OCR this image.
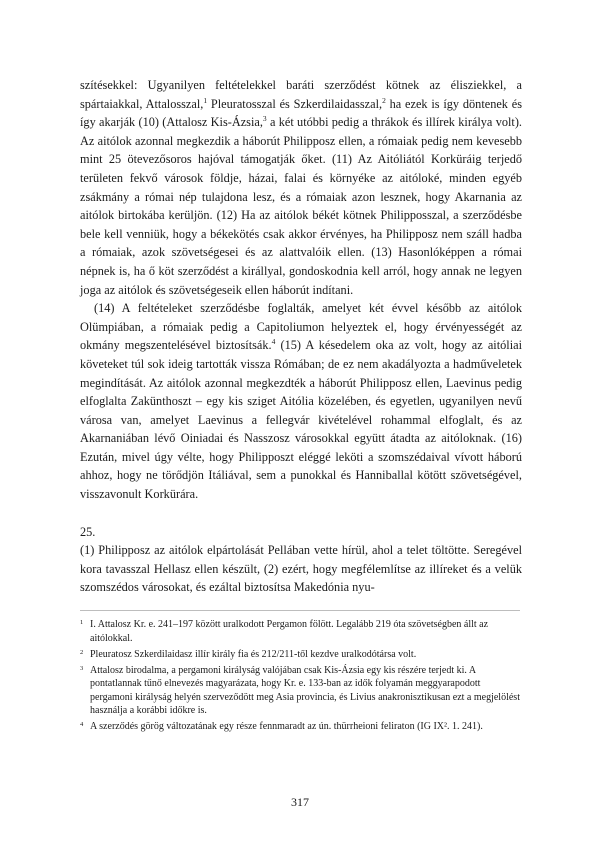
szítésekkel: Ugyanilyen feltételekkel baráti szerződést kötnek az élisziekkel, a spártaiakkal, Attalosszal,$^1$ Pleuratosszal és Szkerdilaidasszal,$^2$ ha ezek is így döntenek és így akarják (10) (Attalosz Kis-Ázsia,$^3$ a két utóbbi pedig a thrákok és illírek királya volt). Az aitólok azonnal megkezdik a háborút Philipposz ellen, a rómaiak pedig nem kevesebb mint 25 ötevezősoros hajóval támogatják őket. (11) Az Aitóliától Korküráig terjedő területen fekvő városok földje, házai, falai és környéke az aitóloké, minden egyéb zsákmány a római nép tulajdona lesz, és a rómaiak azon lesznek, hogy Akarnania az aitólok birtokába kerüljön. (12) Ha az aitólok békét kötnek Philipposszal, a szerződésbe bele kell venniük, hogy a békekötés csak akkor érvényes, ha Philipposz nem száll hadba a rómaiak, azok szövetségesei és az alattvalóik ellen. (13) Hasonlóképpen a római népnek is, ha ő köt szerződést a királlyal, gondoskodnia kell arról, hogy annak ne legyen joga az aitólok és szövetségeseik ellen háborút indítani.

(14) A feltételeket szerződésbe foglalták, amelyet két évvel később az aitólok Olümpiában, a rómaiak pedig a Capitoliumon helyeztek el, hogy érvényességét az okmány megszentelésével biztosítsák.$^4$ (15) A késedelem oka az volt, hogy az aitóliai követeket túl sok ideig tartották vissza Rómában; de ez nem akadályozta a hadműveletek megindítását. Az aitólok azonnal megkezdték a háborút Philipposz ellen, Laevinus pedig elfoglalta Zakünthoszt – egy kis sziget Aitólia közelében, és egyetlen, ugyanilyen nevű városa van, amelyet Laevinus a fellegvár kivételével rohammal elfoglalt, és az Akarnaniában lévő Oiniadai és Nasszosz városokkal együtt átadta az aitóloknak. (16) Ezután, mivel úgy vélte, hogy Philipposzt eléggé leköti a szomszédaival vívott háború ahhoz, hogy ne törődjön Itáliával, sem a punokkal és Hanniballal kötött szövetségével, visszavonult Korkürára.

25.

(1) Philipposz az aitólok elpártolását Pellában vette hírül, ahol a telet töltötte. Seregével kora tavasszal Hellasz ellen készült, (2) ezért, hogy megfélemlítse az illíreket és a velük szomszédos városokat, és ezáltal biztosítsa Makedónia nyu-

1 I. Attalosz Kr. e. 241–197 között uralkodott Pergamon fölött. Legalább 219 óta szövetségben állt az aitólokkal.
2 Pleuratosz Szkerdilaidasz illír király fia és 212/211-től kezdve uralkodótársa volt.
3 Attalosz birodalma, a pergamoni királyság valójában csak Kis-Ázsia egy kis részére terjedt ki. A pontatlannak tűnő elnevezés magyarázata, hogy Kr. e. 133-ban az idők folyamán meggyarapodott pergamoni királyság helyén szerveződött meg Asia provincia, és Livius anakronisztikusan ezt a megjelölést használja a korábbi időkre is.
4 A szerződés görög változatának egy része fennmaradt az ún. thürrheioni feliraton (IG IX². 1. 241).
317
